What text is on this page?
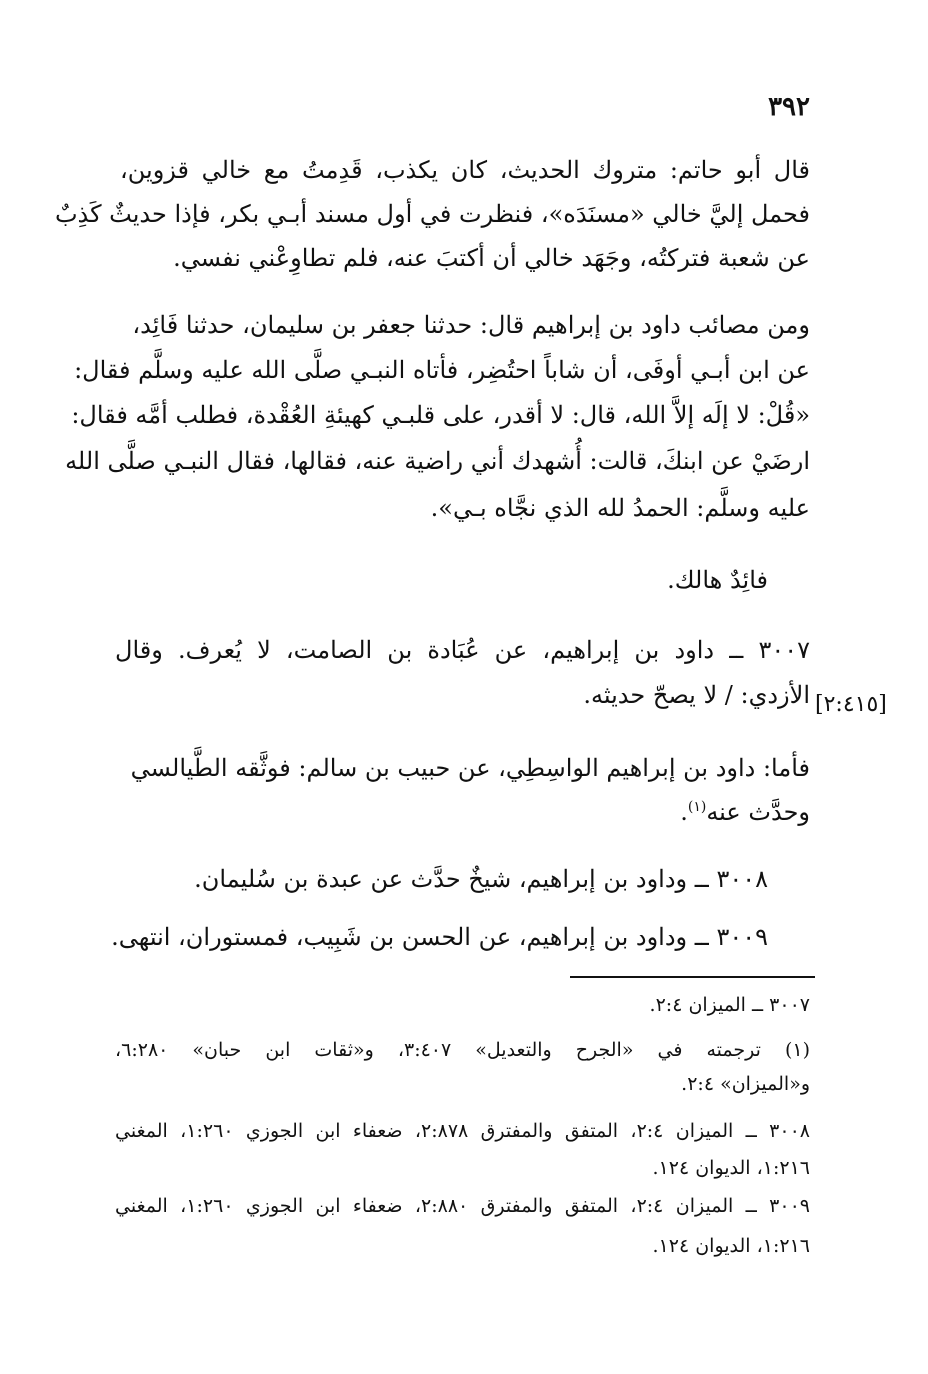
٣٩٢
قال أبو حاتم: متروك الحديث، كان يكذب، قَدِمتُ مع خالي قزوين،
فحمل إليَّ خالي «مسنَدَه»، فنظرت في أول مسند أبـي بكر، فإذا حديثٌ كَذِبٌ
عن شعبة فتركتُه، وجَهَد خالي أن أكتبَ عنه، فلم تطاوِعْني نفسي.
ومن مصائب داود بن إبراهيم قال: حدثنا جعفر بن سليمان، حدثنا فَائِد،
عن ابن أبـي أوفَى، أن شاباً احتُضِر، فأتاه النبـي صلَّى الله عليه وسلَّم فقال:
«قُلْ: لا إلَه إلاَّ الله، قال: لا أقدر، على قلبـي كهيئةِ العُقْدة، فطلب أمَّه فقال:
ارضَيْ عن ابنكَ، قالت: أُشهدك أني راضية عنه، فقالها، فقال النبـي صلَّى الله
عليه وسلَّم: الحمدُ لله الذي نجَّاه بـي».
فائِدٌ هالك.
٣٠٠٧ ــ داود بن إبراهيم، عن عُبَادة بن الصامت، لا يُعرف. وقال
الأزدي: / لا يصحّ حديثه. [٢:٤١٥]
فأما: داود بن إبراهيم الواسِطِي، عن حبيب بن سالم: فوثَّقه الطَّيالسي
وحدَّث عنه$^{(١)}$.
٣٠٠٨ ــ وداود بن إبراهيم، شيخٌ حدَّث عن عبدة بن سُليمان.
٣٠٠٩ ــ وداود بن إبراهيم، عن الحسن بن شَبِيب، فمستوران، انتهى.
٣٠٠٧ ــ الميزان ٢:٤.
(١) ترجمته في «الجرح والتعديل» ٣:٤٠٧، و«ثقات ابن حبان» ٦:٢٨٠،
و«الميزان» ٢:٤.
٣٠٠٨ ــ الميزان ٢:٤، المتفق والمفترق ٢:٨٧٨، ضعفاء ابن الجوزي ١:٢٦٠، المغني
١:٢١٦، الديوان ١٢٤.
٣٠٠٩ ــ الميزان ٢:٤، المتفق والمفترق ٢:٨٨٠، ضعفاء ابن الجوزي ١:٢٦٠، المغني
١:٢١٦، الديوان ١٢٤.
